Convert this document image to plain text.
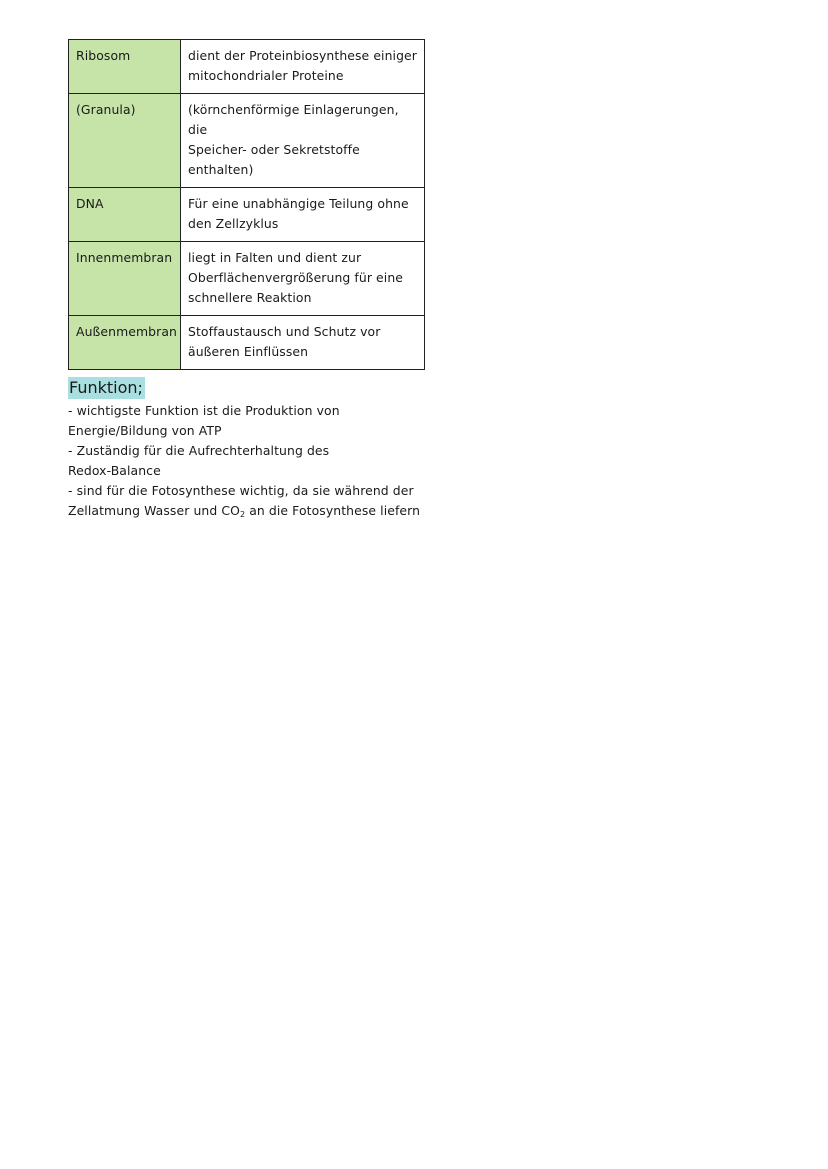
Ribosom	dient der Proteinbiosynthese einiger
mitochondrialer Proteine

(Granula)	(körnchenförmige Einlagerungen, die
Speicher- oder Sekretstoffe
enthalten)

DNA	Für eine unabhängige Teilung ohne
den Zellzyklus

Innenmembran	liegt in Falten und dient zur
Oberflächenvergrößerung für eine
schnellere Reaktion

Außenmembran	Stoffaustausch und Schutz vor
äußeren Einflüssen
Funktion;
- wichtigste Funktion ist die Produktion von
Energie/Bildung von ATP
- Zuständig für die Aufrechterhaltung des
Redox-Balance
- sind für die Fotosynthese wichtig, da sie während der
Zellatmung Wasser und $CO_2$ an die Fotosynthese liefern
